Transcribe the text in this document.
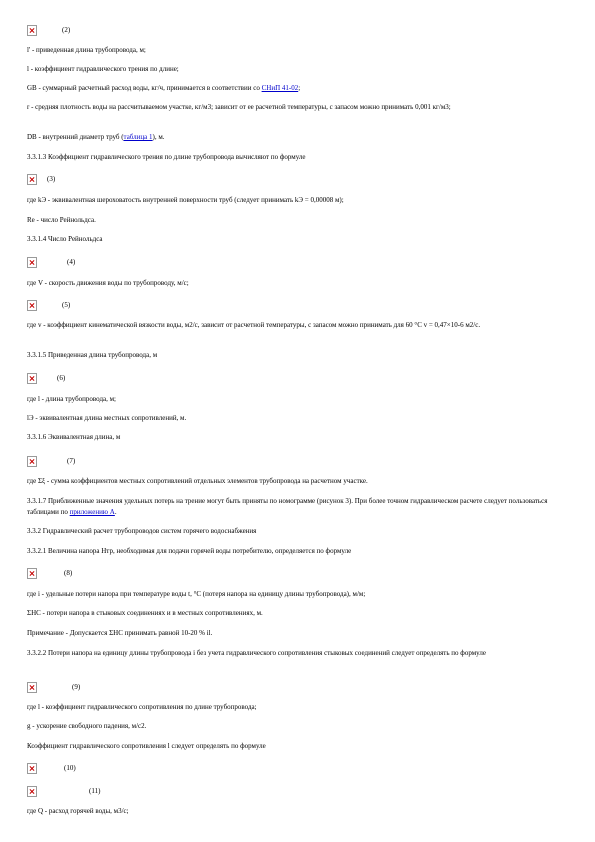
(2)
l' - приведенная длина трубопровода, м;
l - коэффициент гидравлического трения по длине;
GB - суммарный расчетный расход воды, кг/ч, принимается в соответствии со СНиП 41-02;
r - средняя плотность воды на рассчитываемом участке, кг/м3; зависит от ее расчетной температуры, с запасом можно принимать 0,001 кг/м3;
DB - внутренний диаметр труб (таблица 1), м.
3.3.1.3 Коэффициент гидравлического трения по длине трубопровода вычисляют по формуле
(3)
где kЭ - эквивалентная шероховатость внутренней поверхности труб (следует принимать kЭ = 0,00008 м);
Re - число Рейнольдса.
3.3.1.4 Число Рейнольдса
(4)
где V - скорость движения воды по трубопроводу, м/с;
(5)
где v - коэффициент кинематической вязкости воды, м2/с, зависит от расчетной температуры, с запасом можно принимать для 60 °С v = 0,47×10-6 м2/с.
3.3.1.5 Приведенная длина трубопровода, м
(6)
где l - длина трубопровода, м;
lЭ - эквивалентная длина местных сопротивлений, м.
3.3.1.6 Эквивалентная длина, м
(7)
где Σξ - сумма коэффициентов местных сопротивлений отдельных элементов трубопровода на расчетном участке.
3.3.1.7 Приближенные значения удельных потерь на трение могут быть приняты по номограмме (рисунок 3). При более точном гидравлическом расчете следует пользоваться таблицами по приложению А.
3.3.2 Гидравлический расчет трубопроводов систем горячего водоснабжения
3.3.2.1 Величина напора Hтр, необходимая для подачи горячей воды потребителю, определяется по формуле
(8)
где i - удельные потери напора при температуре воды t, °С (потеря напора на единицу длины трубопровода), м/м;
ΣHС - потери напора в стыковых соединениях и в местных сопротивлениях, м.
Примечание - Допускается ΣHС принимать равной 10-20 % il.
3.3.2.2 Потери напора на единицу длины трубопровода i без учета гидравлического сопротивления стыковых соединений следует определять по формуле
(9)
где l - коэффициент гидравлического сопротивления по длине трубопровода;
g - ускорение свободного падения, м/с2.
Коэффициент гидравлического сопротивления l следует определять по формуле
(10)
(11)
где Q - расход горячей воды, м3/с;
